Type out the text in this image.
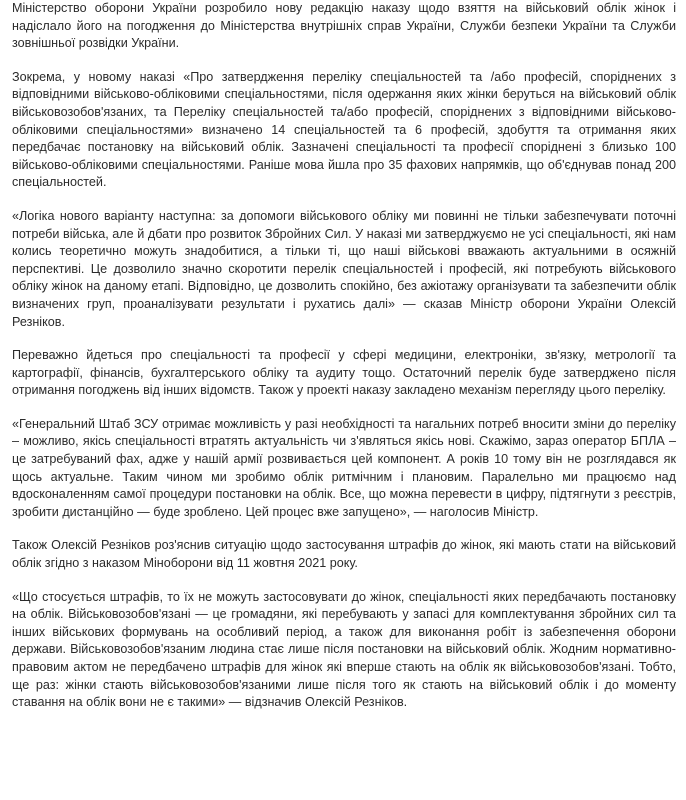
Міністерство оборони України розробило нову редакцію наказу щодо взяття на військовий облік жінок і надіслало його на погодження до Міністерства внутрішніх справ України, Служби безпеки України та Служби зовнішньої розвідки України.

Зокрема, у новому наказі «Про затвердження переліку спеціальностей та /або професій, споріднених з відповідними військово-обліковими спеціальностями, після одержання яких жінки беруться на військовий облік військовозобов'язаних, та Переліку спеціальностей та/або професій, споріднених з відповідними військово-обліковими спеціальностями» визначено 14 спеціальностей та 6 професій, здобуття та отримання яких передбачає постановку на військовий облік. Зазначені спеціальності та професії споріднені з близько 100 військово-обліковими спеціальностями. Раніше мова йшла про 35 фахових напрямків, що об'єднував понад 200 спеціальностей.

«Логіка нового варіанту наступна: за допомоги військового обліку ми повинні не тільки забезпечувати поточні потреби війська, але й дбати про розвиток Збройних Сил. У наказі ми затверджуємо не усі спеціальності, які нам колись теоретично можуть знадобитися, а тільки ті, що наші військові вважають актуальними в осяжній перспективі. Це дозволило значно скоротити перелік спеціальностей і професій, які потребують військового обліку жінок на даному етапі. Відповідно, це дозволить спокійно, без ажіотажу організувати та забезпечити облік визначених груп, проаналізувати результати і рухатись далі» — сказав Міністр оборони України Олексій Резніков.

Переважно йдеться про спеціальності та професії у сфері медицини, електроніки, зв'язку, метрології та картографії, фінансів, бухгалтерського обліку та аудиту тощо. Остаточний перелік буде затверджено після отримання погоджень від інших відомств. Також у проекті наказу закладено механізм перегляду цього переліку.

«Генеральний Штаб ЗСУ отримає можливість у разі необхідності та нагальних потреб вносити зміни до переліку – можливо, якісь спеціальності втратять актуальність чи з'являться якісь нові. Скажімо, зараз оператор БПЛА – це затребуваний фах, адже у нашій армії розвивається цей компонент. А років 10 тому він не розглядався як щось актуальне. Таким чином ми зробимо облік ритмічним і плановим. Паралельно ми працюємо над вдосконаленням самої процедури постановки на облік. Все, що можна перевести в цифру, підтягнути з реєстрів, зробити дистанційно — буде зроблено. Цей процес вже запущено», — наголосив Міністр.

Також Олексій Резніков роз'яснив ситуацію щодо застосування штрафів до жінок, які мають стати на військовий облік згідно з наказом Міноборони від 11 жовтня 2021 року.

«Що стосується штрафів, то їх не можуть застосовувати до жінок, спеціальності яких передбачають постановку на облік. Військовозобов'язані — це громадяни, які перебувають у запасі для комплектування збройних сил та інших військових формувань на особливий період, а також для виконання робіт із забезпечення оборони держави. Військовозобов'язаним людина стає лише після постановки на військовий облік. Жодним нормативно-правовим актом не передбачено штрафів для жінок які вперше стають на облік як військовозобов'язані. Тобто, ще раз: жінки стають військовозобов'язаними лише після того як стають на військовий облік і до моменту ставання на облік вони не є такими» — відзначив Олексій Резніков.
